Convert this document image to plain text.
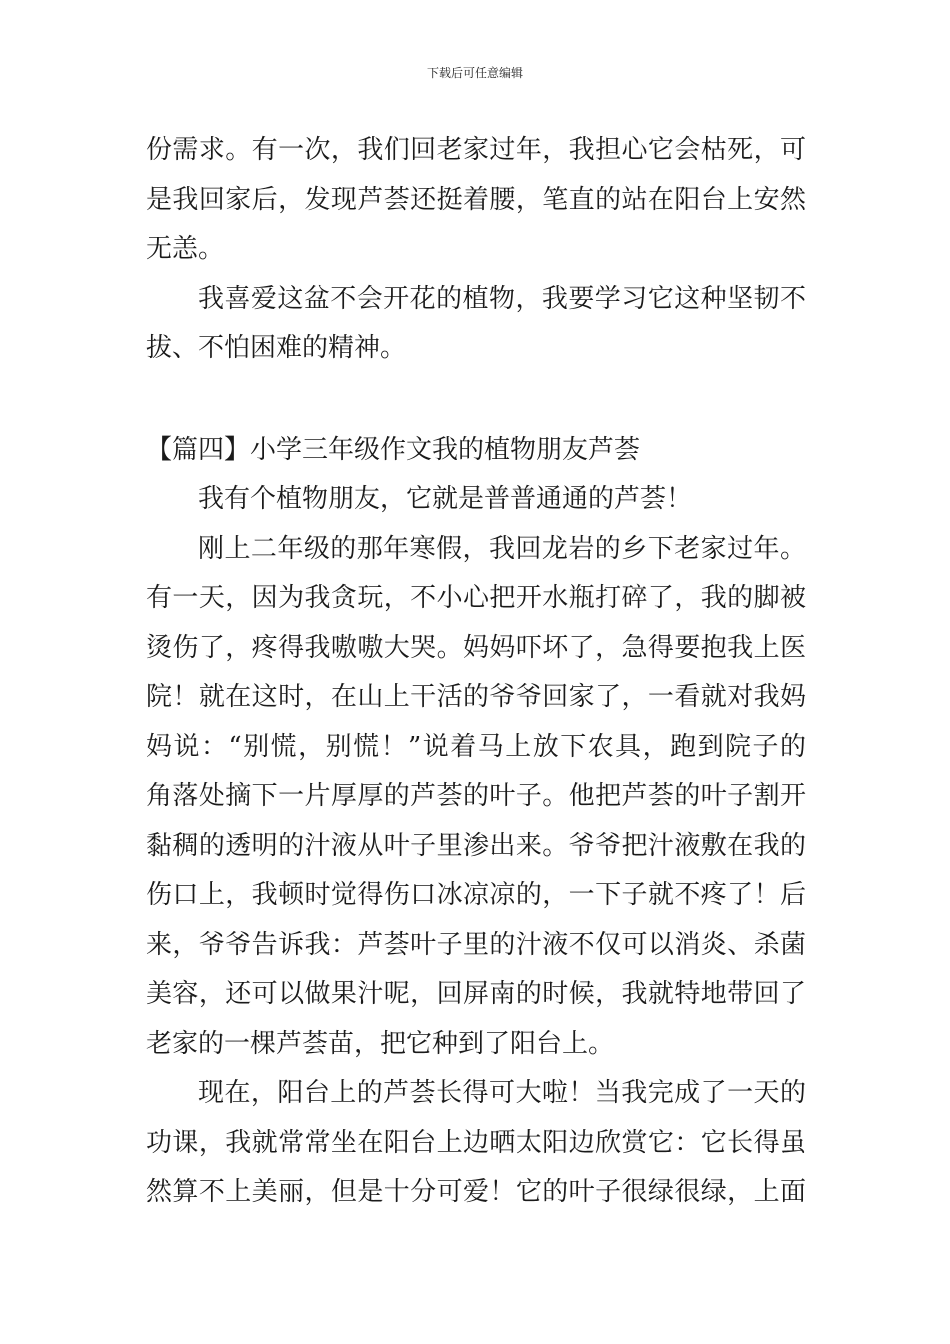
下载后可任意编辑

份需求。有一次，我们回老家过年，我担心它会枯死，可
是我回家后，发现芦荟还挺着腰，笔直的站在阳台上安然
无恙。

我喜爱这盆不会开花的植物，我要学习它这种坚韧不
拔、不怕困难的精神。

【篇四】小学三年级作文我的植物朋友芦荟

我有个植物朋友，它就是普普通通的芦荟！

刚上二年级的那年寒假，我回龙岩的乡下老家过年。
有一天，因为我贪玩，不小心把开水瓶打碎了，我的脚被
烫伤了，疼得我嗷嗷大哭。妈妈吓坏了，急得要抱我上医
院！就在这时，在山上干活的爷爷回家了，一看就对我妈
妈说：“别慌，别慌！”说着马上放下农具，跑到院子的
角落处摘下一片厚厚的芦荟的叶子。他把芦荟的叶子割开
黏稠的透明的汁液从叶子里渗出来。爷爷把汁液敷在我的
伤口上，我顿时觉得伤口冰凉凉的，一下子就不疼了！后
来，爷爷告诉我：芦荟叶子里的汁液不仅可以消炎、杀菌
美容，还可以做果汁呢，回屏南的时候，我就特地带回了
老家的一棵芦荟苗，把它种到了阳台上。

现在，阳台上的芦荟长得可大啦！当我完成了一天的
功课，我就常常坐在阳台上边晒太阳边欣赏它：它长得虽
然算不上美丽，但是十分可爱！它的叶子很绿很绿，上面
